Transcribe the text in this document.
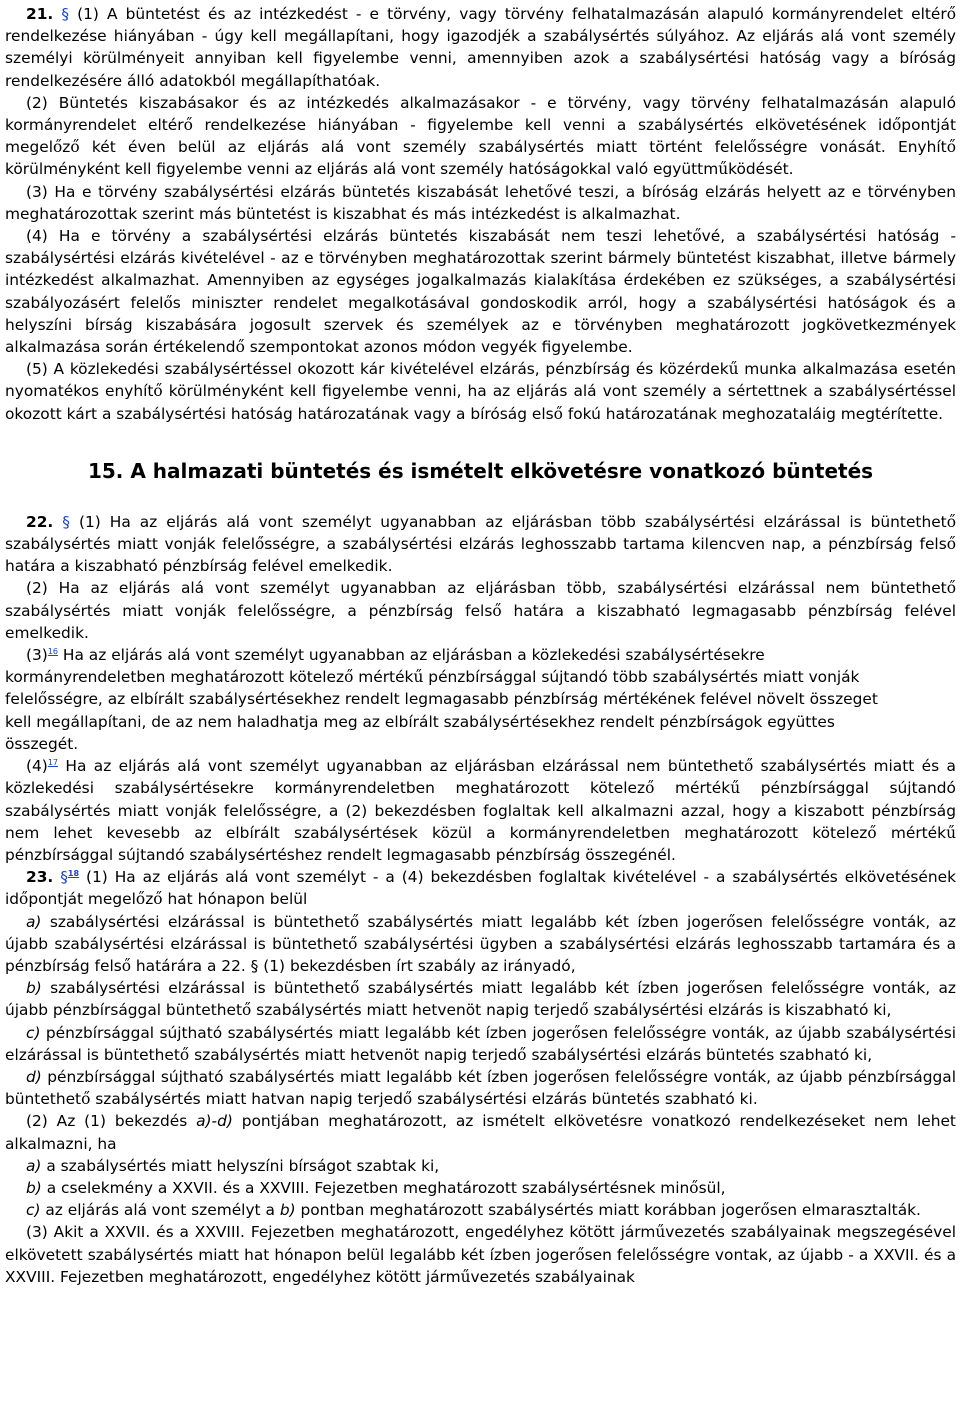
21. § (1) A büntetést és az intézkedést - e törvény, vagy törvény felhatalmazásán alapuló kormányrendelet eltérő rendelkezése hiányában - úgy kell megállapítani, hogy igazodjék a szabálysértés súlyához. Az eljárás alá vont személy személyi körülményeit annyiban kell figyelembe venni, amennyiben azok a szabálysértési hatóság vagy a bíróság rendelkezésére álló adatokból megállapíthatóak.

(2) Büntetés kiszabásakor és az intézkedés alkalmazásakor - e törvény, vagy törvény felhatalmazásán alapuló kormányrendelet eltérő rendelkezése hiányában - figyelembe kell venni a szabálysértés elkövetésének időpontját megelőző két éven belül az eljárás alá vont személy szabálysértés miatt történt felelősségre vonását. Enyhítő körülményként kell figyelembe venni az eljárás alá vont személy hatóságokkal való együttműködését.

(3) Ha e törvény szabálysértési elzárás büntetés kiszabását lehetővé teszi, a bíróság elzárás helyett az e törvényben meghatározottak szerint más büntetést is kiszabhat és más intézkedést is alkalmazhat.

(4) Ha e törvény a szabálysértési elzárás büntetés kiszabását nem teszi lehetővé, a szabálysértési hatóság - szabálysértési elzárás kivételével - az e törvényben meghatározottak szerint bármely büntetést kiszabhat, illetve bármely intézkedést alkalmazhat. Amennyiben az egységes jogalkalmazás kialakítása érdekében ez szükséges, a szabálysértési szabályozásért felelős miniszter rendelet megalkotásával gondoskodik arról, hogy a szabálysértési hatóságok és a helyszíni bírság kiszabására jogosult szervek és személyek az e törvényben meghatározott jogkövetkezmények alkalmazása során értékelendő szempontokat azonos módon vegyék figyelembe.

(5) A közlekedési szabálysértéssel okozott kár kivételével elzárás, pénzbírság és közérdekű munka alkalmazása esetén nyomatékos enyhítő körülményként kell figyelembe venni, ha az eljárás alá vont személy a sértettnek a szabálysértéssel okozott kárt a szabálysértési hatóság határozatának vagy a bíróság első fokú határozatának meghozataláig megtérítette.

15. A halmazati büntetés és ismételt elkövetésre vonatkozó büntetés

22. § (1) Ha az eljárás alá vont személyt ugyanabban az eljárásban több szabálysértési elzárással is büntethető szabálysértés miatt vonják felelősségre, a szabálysértési elzárás leghosszabb tartama kilencven nap, a pénzbírság felső határa a kiszabható pénzbírság felével emelkedik.

(2) Ha az eljárás alá vont személyt ugyanabban az eljárásban több, szabálysértési elzárással nem büntethető szabálysértés miatt vonják felelősségre, a pénzbírság felső határa a kiszabható legmagasabb pénzbírság felével emelkedik.

(3)$^{16}$ Ha az eljárás alá vont személyt ugyanabban az eljárásban a közlekedési szabálysértésekre
kormányrendeletben meghatározott kötelező mértékű pénzbírsággal sújtandó több szabálysértés miatt vonják
felelősségre, az elbírált szabálysértésekhez rendelt legmagasabb pénzbírság mértékének felével növelt összeget
kell megállapítani, de az nem haladhatja meg az elbírált szabálysértésekhez rendelt pénzbírságok együttes
összegét.

(4)$^{17}$ Ha az eljárás alá vont személyt ugyanabban az eljárásban elzárással nem büntethető szabálysértés miatt és a közlekedési szabálysértésekre kormányrendeletben meghatározott kötelező mértékű pénzbírsággal sújtandó szabálysértés miatt vonják felelősségre, a (2) bekezdésben foglaltak kell alkalmazni azzal, hogy a kiszabott pénzbírság nem lehet kevesebb az elbírált szabálysértések közül a kormányrendeletben meghatározott kötelező mértékű pénzbírsággal sújtandó szabálysértéshez rendelt legmagasabb pénzbírság összegénél.

23. §$^{18}$ (1) Ha az eljárás alá vont személyt - a (4) bekezdésben foglaltak kivételével - a szabálysértés elkövetésének időpontját megelőző hat hónapon belül

a) szabálysértési elzárással is büntethető szabálysértés miatt legalább két ízben jogerősen felelősségre vonták, az újabb szabálysértési elzárással is büntethető szabálysértési ügyben a szabálysértési elzárás leghosszabb tartamára és a pénzbírság felső határára a 22. § (1) bekezdésben írt szabály az irányadó,

b) szabálysértési elzárással is büntethető szabálysértés miatt legalább két ízben jogerősen felelősségre vonták, az újabb pénzbírsággal büntethető szabálysértés miatt hetvenöt napig terjedő szabálysértési elzárás is kiszabható ki,

c) pénzbírsággal sújtható szabálysértés miatt legalább két ízben jogerősen felelősségre vonták, az újabb szabálysértési elzárással is büntethető szabálysértés miatt hetvenöt napig terjedő szabálysértési elzárás büntetés szabható ki,

d) pénzbírsággal sújtható szabálysértés miatt legalább két ízben jogerősen felelősségre vonták, az újabb pénzbírsággal büntethető szabálysértés miatt hatvan napig terjedő szabálysértési elzárás büntetés szabható ki.

(2) Az (1) bekezdés a)-d) pontjában meghatározott, az ismételt elkövetésre vonatkozó rendelkezéseket nem lehet alkalmazni, ha

a) a szabálysértés miatt helyszíni bírságot szabtak ki,

b) a cselekmény a XXVII. és a XXVIII. Fejezetben meghatározott szabálysértésnek minősül,

c) az eljárás alá vont személyt a b) pontban meghatározott szabálysértés miatt korábban jogerősen elmarasztalták.

(3) Akit a XXVII. és a XXVIII. Fejezetben meghatározott, engedélyhez kötött járművezetés szabályainak megszegésével elkövetett szabálysértés miatt hat hónapon belül legalább két ízben jogerősen felelősségre vontak, az újabb - a XXVII. és a XXVIII. Fejezetben meghatározott, engedélyhez kötött járművezetés szabályainak
